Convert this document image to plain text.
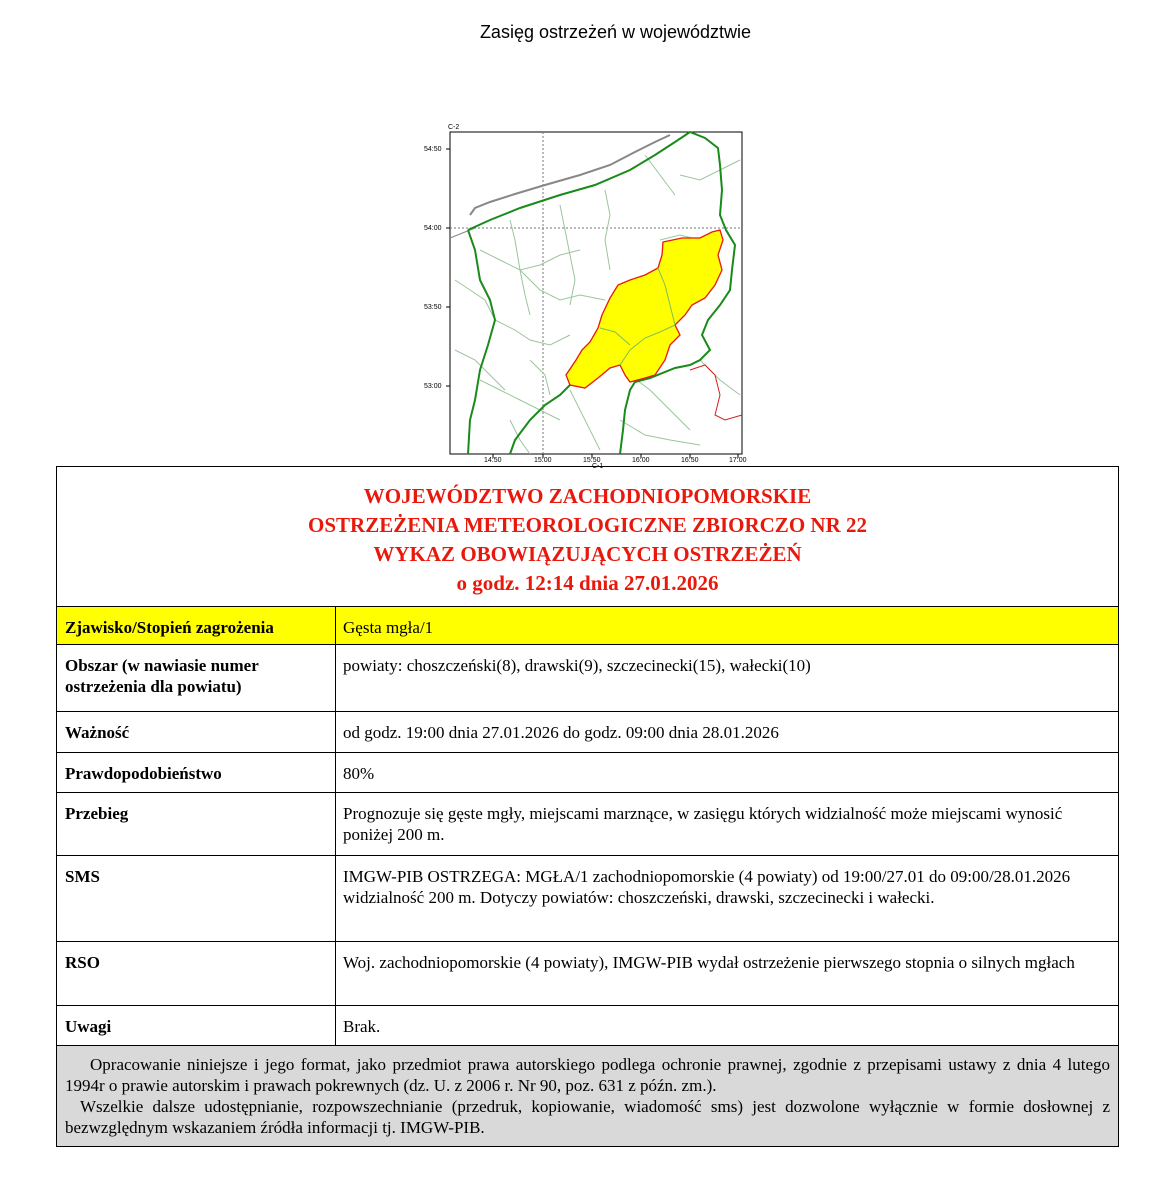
Zasięg ostrzeżeń w województwie
54:50
54:00
53:50
53:00
14:50	15:00	15:50	16:00	16:50	17:00
C-2
C-1
WOJEWÓDZTWO ZACHODNIOPOMORSKIE
OSTRZEŻENIA METEOROLOGICZNE ZBIORCZO NR 22
WYKAZ OBOWIĄZUJĄCYCH OSTRZEŻEŃ
o godz. 12:14 dnia 27.01.2026	

Zjawisko/Stopień zagrożenia	Gęsta mgła/1
Obszar (w nawiasie numer ostrzeżenia dla powiatu)	powiaty: choszczeński(8), drawski(9), szczecinecki(15), wałecki(10)
Ważność	od godz. 19:00 dnia 27.01.2026 do godz. 09:00 dnia 28.01.2026
Prawdopodobieństwo	80%
Przebieg	Prognozuje się gęste mgły, miejscami marznące, w zasięgu których widzialność może miejscami wynosić poniżej 200 m.
SMS	IMGW-PIB OSTRZEGA: MGŁA/1 zachodniopomorskie (4 powiaty) od 19:00/27.01 do 09:00/28.01.2026 widzialność 200 m. Dotyczy powiatów: choszczeński, drawski, szczecinecki i wałecki.
RSO	Woj. zachodniopomorskie (4 powiaty), IMGW-PIB wydał ostrzeżenie pierwszego stopnia o silnych mgłach
Uwagi	Brak.

Opracowanie niniejsze i jego format, jako przedmiot prawa autorskiego podlega ochronie prawnej, zgodnie z przepisami ustawy z dnia 4 lutego 1994r o prawie autorskim i prawach pokrewnych (dz. U. z 2006 r. Nr 90, poz. 631 z późn. zm.).

Wszelkie dalsze udostępnianie, rozpowszechnianie (przedruk, kopiowanie, wiadomość sms) jest dozwolone wyłącznie w formie dosłownej z bezwzględnym wskazaniem źródła informacji tj. IMGW-PIB.	
